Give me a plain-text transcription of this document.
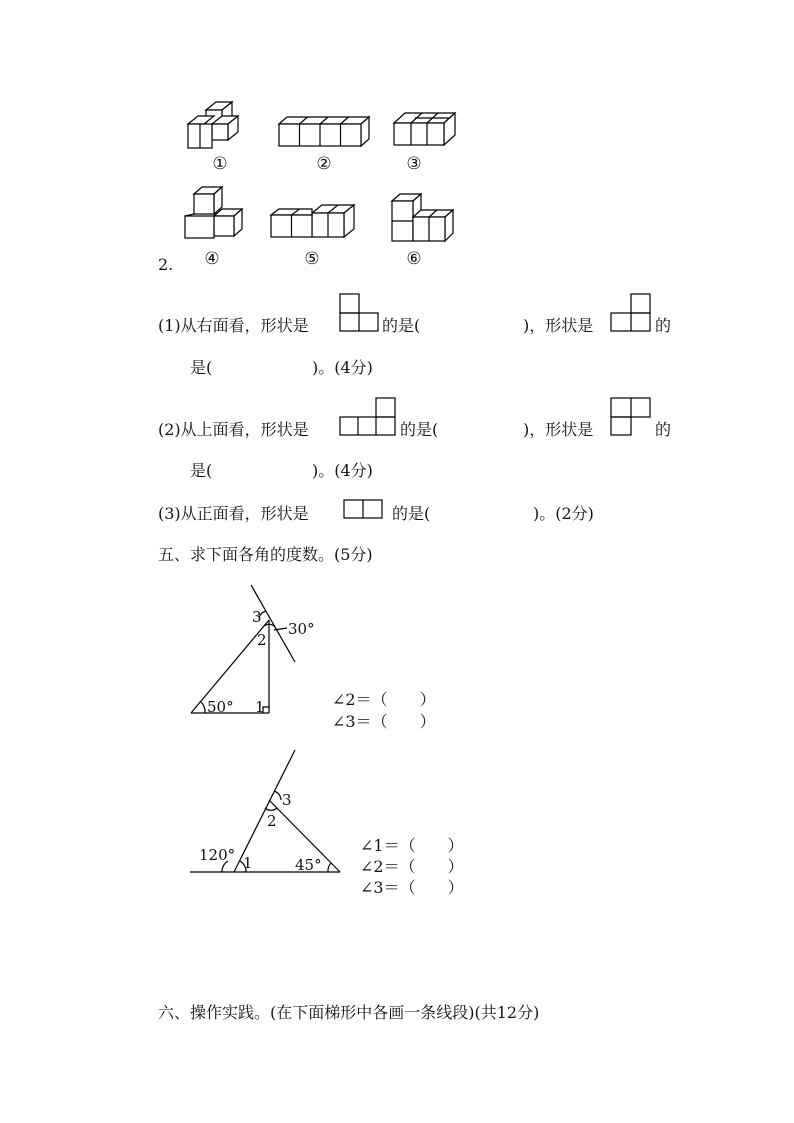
①	②	③
2. ④	⑤	⑥
(1)从右面看，形状是	的是(	)，形状是	的
是(	)。(4分)
(2)从上面看，形状是	的是(	)，形状是	的
是(	)。(4分)
(3)从正面看，形状是	的是(	)。(2分)
五、求下面各角的度数。(5分)
3
2
30°
50° 1	∠2＝（　　）
∠3＝（　　）
3
2
120° 1	45°
∠1＝（　　）
∠2＝（　　）
∠3＝（　　）
六、操作实践。(在下面梯形中各画一条线段)(共12分)
